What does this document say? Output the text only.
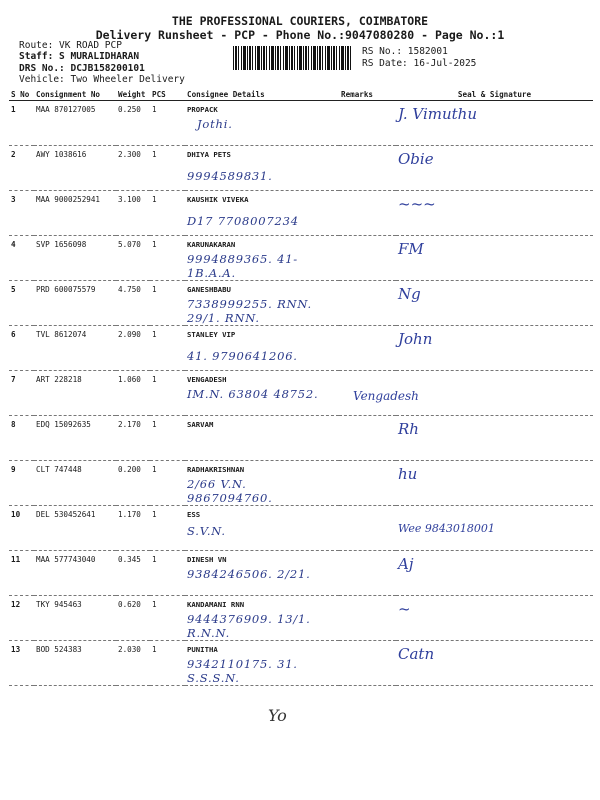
THE PROFESSIONAL COURIERS, COIMBATORE
Delivery Runsheet - PCP - Phone No.:9047080280 - Page No.:1
Route: VK ROAD PCP
Staff: S MURALIDHARAN
DRS No.: DCJB158200101
Vehicle: Two Wheeler Delivery
RS No.: 1582001
RS Date: 16-Jul-2025
S No	Consignment No	Weight	PCS	Consignee Details	Remarks	Seal & Signature
1	MAA 870127005	0.250	1	PROPACK
Jothi.		J. Vimuthu
2	AWY 1038616	2.300	1	DHIYA PETS
9994589831.		Obie
3	MAA 9000252941	3.100	1	KAUSHIK VIVEKA
D17 7708007234		~~~
4	SVP 1656098	5.070	1	KARUNAKARAN
9994889365. 41-1B.A.A.		FM
5	PRD 600075579	4.750	1	GANESHBABU
7338999255. RNN. 29/1. RNN.		Ng
6	TVL 8612074	2.090	1	STANLEY VIP
41. 9790641206.		John
7	ART 228218	1.060	1	VENGADESH
IM.N. 63804 48752.		Vengadesh
8	EDQ 15092635	2.170	1	SARVAM		Rh
9	CLT 747448	0.200	1	RADHAKRISHNAN
2/66 V.N. 9867094760.		hu
10	DEL 530452641	1.170	1	ESS
S.V.N.		Wee 9843018001
11	MAA 577743040	0.345	1	DINESH VN
9384246506. 2/21.		Aj
12	TKY 945463	0.620	1	KANDAMANI RNN
9444376909. 13/1. R.N.N.		~
13	BOD 524383	2.030	1	PUNITHA
9342110175. 31. S.S.S.N.		Catn
Yo
